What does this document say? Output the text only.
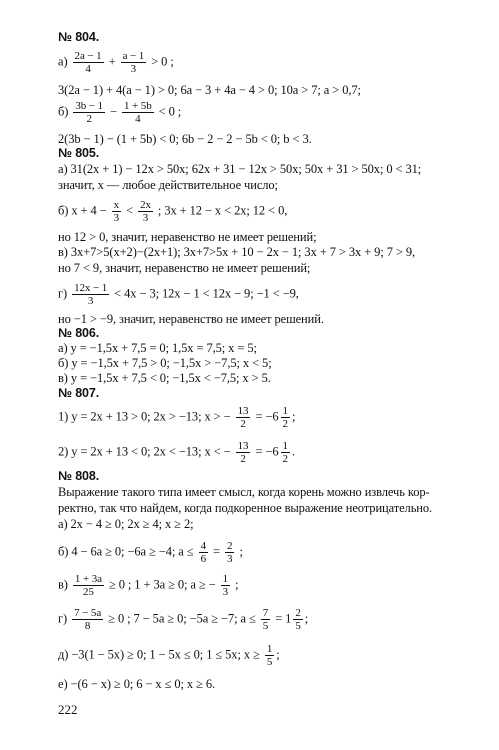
№ 804.
$а) \frac{2a - 1}{4} + \frac{a - 1}{3} > 0$ ;
3(2a − 1) + 4(a − 1) > 0; 6a − 3 + 4a − 4 > 0; 10a > 7; a > 0,7;
$б) \frac{3b - 1}{2} - \frac{1 + 5b}{4} < 0$ ;
2(3b − 1) − (1 + 5b) < 0; 6b − 2 − 2 − 5b < 0; b < 3.
№ 805.
а) 31(2x + 1) − 12x > 50x; 62x + 31 − 12x > 50x; 50x + 31 > 50x; 0 < 31;
значит, x — любое действительное число;
б) $x + 4 - \frac{x}{3} < \frac{2x}{3}$ ; 3x + 12 − x < 2x; 12 < 0,
но 12 > 0, значит, неравенство не имеет решений;
в) 3x+7>5(x+2)−(2x+1); 3x+7>5x + 10 − 2x − 1; 3x + 7 > 3x + 9; 7 > 9,
но 7 < 9, значит, неравенство не имеет решений;
$г) \frac{12x - 1}{3} < 4x - 3$; 12x − 1 < 12x − 9; −1 < −9,
но −1 > −9, значит, неравенство не имеет решений.
№ 806.
а) y = −1,5x + 7,5 = 0; 1,5x = 7,5; x = 5;
б) y = −1,5x + 7,5 > 0; −1,5x > −7,5; x < 5;
в) y = −1,5x + 7,5 < 0; −1,5x < −7,5; x > 5.
№ 807.
1) y = 2x + 13 > 0; 2x > −13; x > − $\frac{13}{2} = -6 \frac{1}{2}$ ;
2) y = 2x + 13 < 0; 2x < −13; x < − $\frac{13}{2} = -6 \frac{1}{2}$ .
№ 808.
Выражение такого типа имеет смысл, когда корень можно извлечь кор-
ректно, так что найдем, когда подкоренное выражение неотрицательно.
а) 2x − 4 ≥ 0; 2x ≥ 4; x ≥ 2;
б) 4 − 6a ≥ 0; −6a ≥ −4; $a \le \frac{4}{6} = \frac{2}{3}$ ;
$в) \frac{1 + 3a}{25} \ge 0$ ; 1 + 3a ≥ 0; a ≥ − $\frac{1}{3}$ ;
$г) \frac{7 - 5a}{8} \ge 0$ ; 7 − 5a ≥ 0; −5a ≥ −7; $a \le \frac{7}{5} = 1 \frac{2}{5}$ ;
д) −3(1 − 5x) ≥ 0; 1 − 5x ≤ 0; 1 ≤ 5x; $x \ge \frac{1}{5}$ ;
е) −(6 − x) ≥ 0; 6 − x ≤ 0; x ≥ 6.
222
